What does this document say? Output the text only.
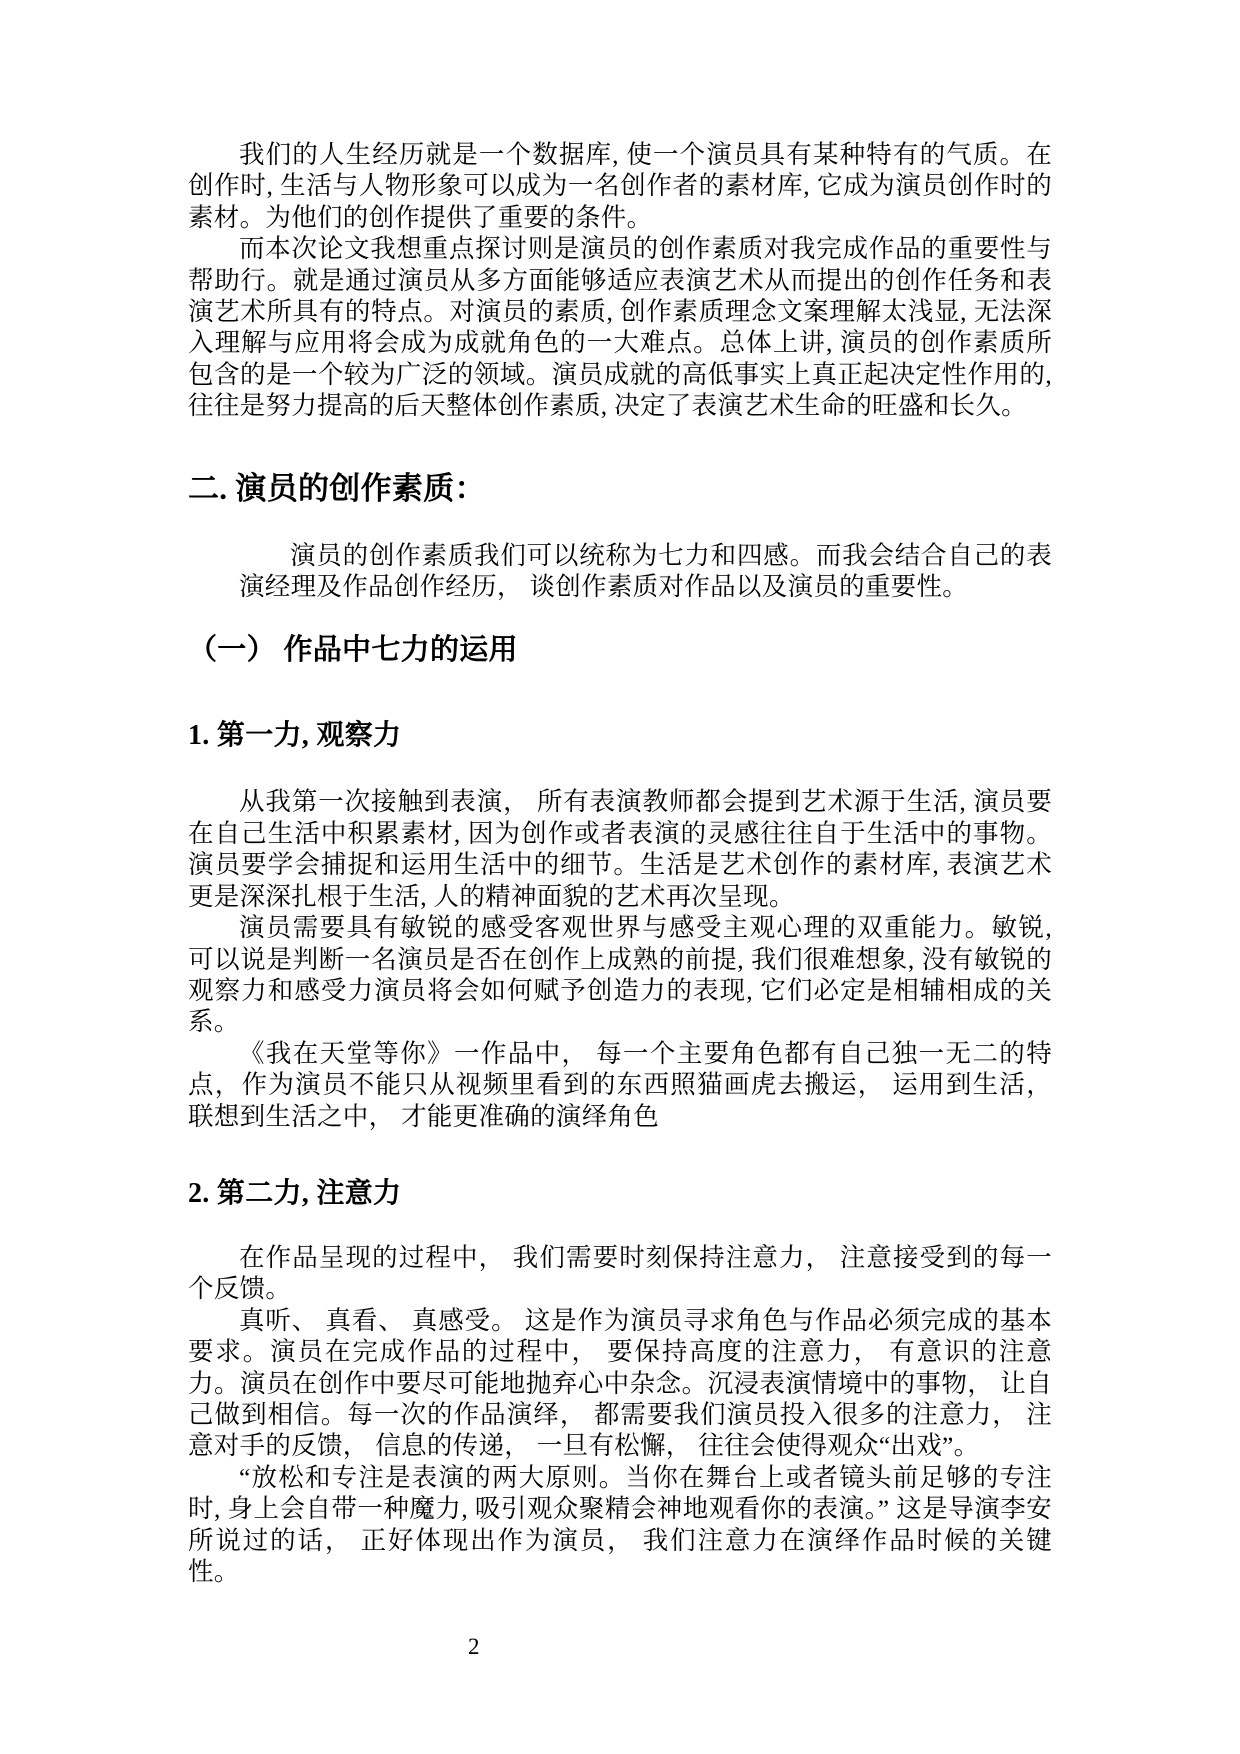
我们的人生经历就是一个数据库, 使一个演员具有某种特有的气质。在创作时, 生活与人物形象可以成为一名创作者的素材库, 它成为演员创作时的素材。为他们的创作提供了重要的条件。

而本次论文我想重点探讨则是演员的创作素质对我完成作品的重要性与帮助行。就是通过演员从多方面能够适应表演艺术从而提出的创作任务和表演艺术所具有的特点。对演员的素质, 创作素质理念文案理解太浅显, 无法深入理解与应用将会成为成就角色的一大难点。总体上讲, 演员的创作素质所包含的是一个较为广泛的领域。演员成就的高低事实上真正起决定性作用的, 往往是努力提高的后天整体创作素质, 决定了表演艺术生命的旺盛和长久。

二. 演员的创作素质：

演员的创作素质我们可以统称为七力和四感。而我会结合自己的表演经理及作品创作经历， 谈创作素质对作品以及演员的重要性。

（一） 作品中七力的运用
1. 第一力, 观察力

从我第一次接触到表演， 所有表演教师都会提到艺术源于生活, 演员要在自己生活中积累素材, 因为创作或者表演的灵感往往自于生活中的事物。 演员要学会捕捉和运用生活中的细节。生活是艺术创作的素材库, 表演艺术更是深深扎根于生活, 人的精神面貌的艺术再次呈现。

演员需要具有敏锐的感受客观世界与感受主观心理的双重能力。敏锐, 可以说是判断一名演员是否在创作上成熟的前提, 我们很难想象, 没有敏锐的观察力和感受力演员将会如何赋予创造力的表现, 它们必定是相辅相成的关系。

《我在天堂等你》一作品中， 每一个主要角色都有自己独一无二的特点，作为演员不能只从视频里看到的东西照猫画虎去搬运， 运用到生活， 联想到生活之中， 才能更准确的演绎角色

2. 第二力, 注意力

在作品呈现的过程中， 我们需要时刻保持注意力， 注意接受到的每一个反馈。

真听、 真看、 真感受。 这是作为演员寻求角色与作品必须完成的基本要求。演员在完成作品的过程中， 要保持高度的注意力， 有意识的注意力。演员在创作中要尽可能地抛弃心中杂念。沉浸表演情境中的事物， 让自己做到相信。每一次的作品演绎， 都需要我们演员投入很多的注意力， 注意对手的反馈， 信息的传递， 一旦有松懈， 往往会使得观众“出戏”。

“放松和专注是表演的两大原则。当你在舞台上或者镜头前足够的专注时, 身上会自带一种魔力, 吸引观众聚精会神地观看你的表演。” 这是导演李安所说过的话， 正好体现出作为演员， 我们注意力在演绎作品时候的关键性。

2
